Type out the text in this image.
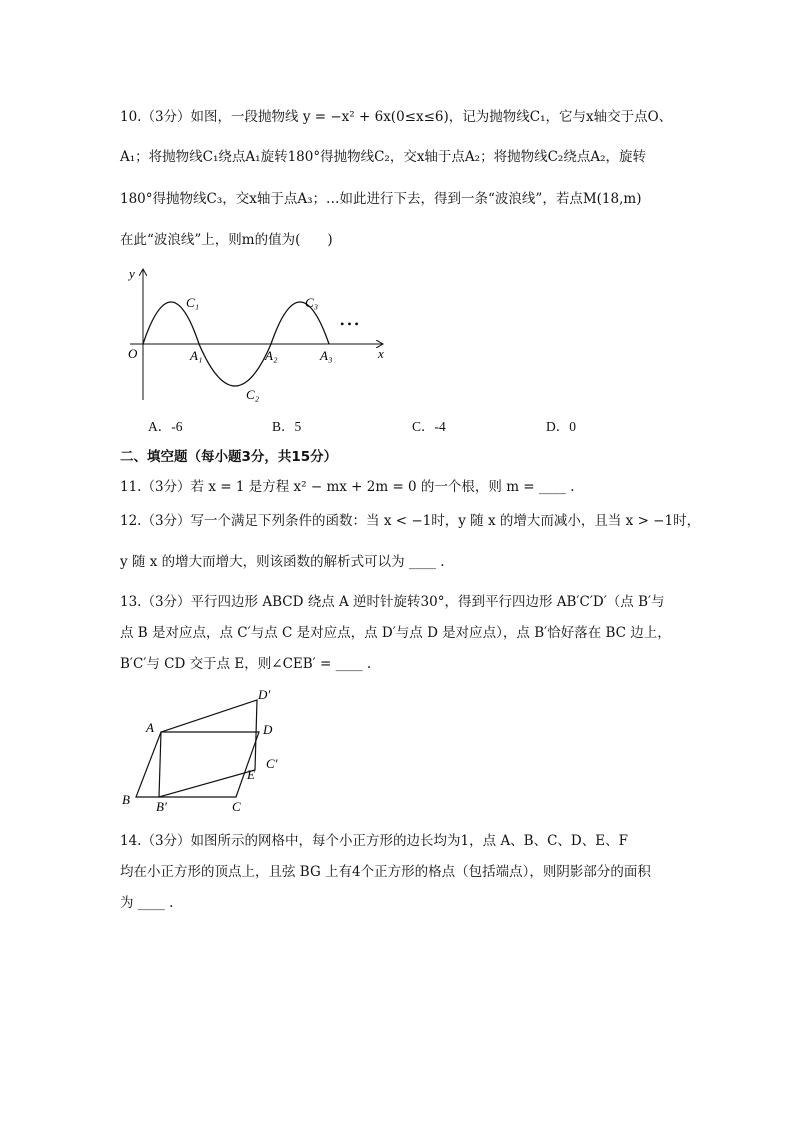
10.（3分）如图，一段抛物线 y = −x² + 6x(0≤x≤6)，记为抛物线C₁，它与x轴交于点O、
A₁；将抛物线C₁绕点A₁旋转180°得抛物线C₂，交x轴于点A₂；将抛物线C₂绕点A₂，旋转
180°得抛物线C₃，交x轴于点A₃；…如此进行下去，得到一条“波浪线”，若点M(18,m)
在此“波浪线”上，则m的值为(　　)
y
x
O
C₁
C₂
C₃
A₁	A₂	A₃
• • •
A．-6	B．5	C．-4	D．0
二、填空题（每小题3分，共15分）
11.（3分）若 x = 1 是方程 x² − mx + 2m = 0 的一个根，则 m = ____ .
12.（3分）写一个满足下列条件的函数：当 x < −1时，y 随 x 的增大而减小，且当 x > −1时，
y 随 x 的增大而增大，则该函数的解析式可以为 ____ .
13.（3分）平行四边形 ABCD 绕点 A 逆时针旋转30°，得到平行四边形 AB′C′D′（点 B′与
点 B 是对应点，点 C′与点 C 是对应点，点 D′与点 D 是对应点），点 B′恰好落在 BC 边上，
B′C′与 CD 交于点 E，则∠CEB′ = ____ .
A
B B′	C
D
D′
C′
E
14.（3分）如图所示的网格中，每个小正方形的边长均为1，点 A、B、C、D、E、F
均在小正方形的顶点上，且弦 BG 上有4个正方形的格点（包括端点），则阴影部分的面积
为 ____ .
